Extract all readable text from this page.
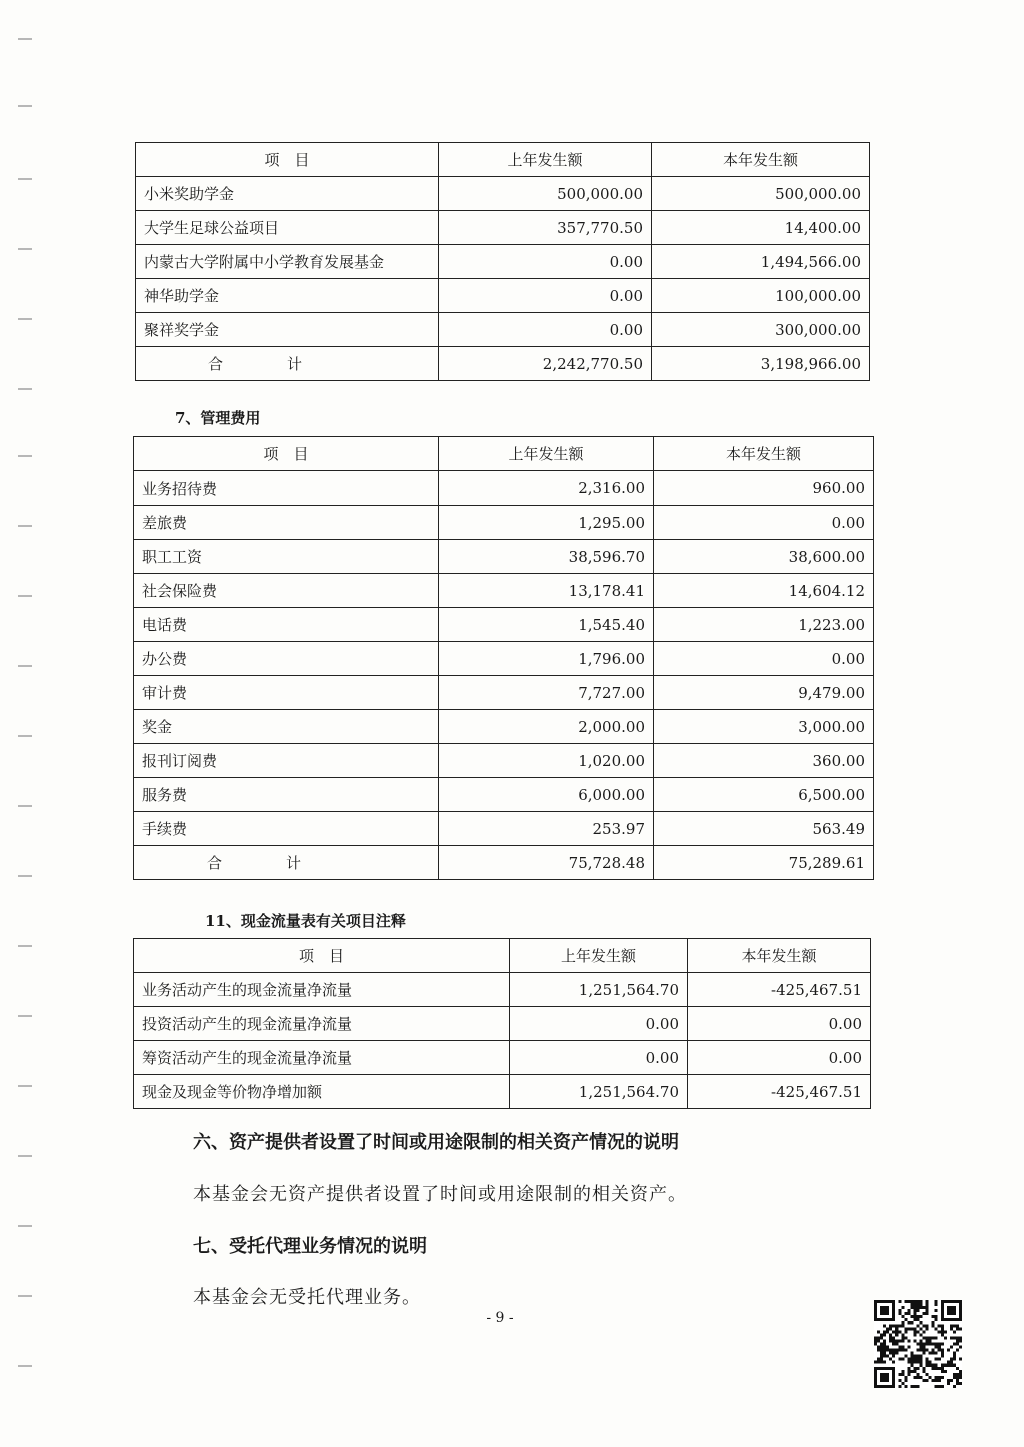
项　目	上年发生额	本年发生额
小米奖助学金	500,000.00	500,000.00
大学生足球公益项目	357,770.50	14,400.00
内蒙古大学附属中小学教育发展基金	0.00	1,494,566.00
神华助学金	0.00	100,000.00
聚祥奖学金	0.00	300,000.00
合计	2,242,770.50	3,198,966.00
7、管理费用
项　目	上年发生额	本年发生额
业务招待费	2,316.00	960.00
差旅费	1,295.00	0.00
职工工资	38,596.70	38,600.00
社会保险费	13,178.41	14,604.12
电话费	1,545.40	1,223.00
办公费	1,796.00	0.00
审计费	7,727.00	9,479.00
奖金	2,000.00	3,000.00
报刊订阅费	1,020.00	360.00
服务费	6,000.00	6,500.00
手续费	253.97	563.49
合计	75,728.48	75,289.61
11、现金流量表有关项目注释
项　目	上年发生额	本年发生额
业务活动产生的现金流量净流量	1,251,564.70	-425,467.51
投资活动产生的现金流量净流量	0.00	0.00
筹资活动产生的现金流量净流量	0.00	0.00
现金及现金等价物净增加额	1,251,564.70	-425,467.51
六、资产提供者设置了时间或用途限制的相关资产情况的说明
本基金会无资产提供者设置了时间或用途限制的相关资产。
七、受托代理业务情况的说明
本基金会无受托代理业务。
- 9 -
